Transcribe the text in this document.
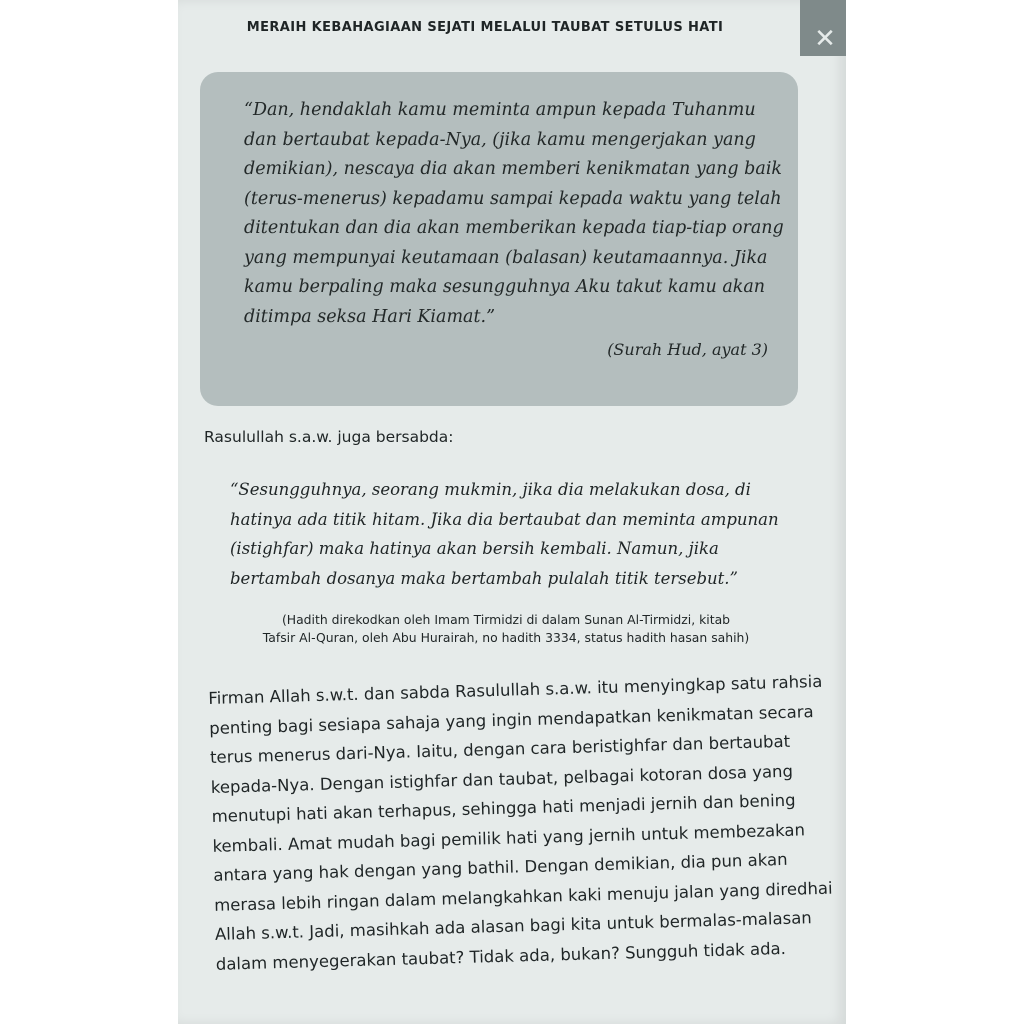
✕
MERAIH KEBAHAGIAAN SEJATI MELALUI TAUBAT SETULUS HATI
“Dan, hendaklah kamu meminta ampun kepada Tuhanmu
dan bertaubat kepada-Nya, (jika kamu mengerjakan yang
demikian), nescaya dia akan memberi kenikmatan yang baik
(terus-menerus) kepadamu sampai kepada waktu yang telah
ditentukan dan dia akan memberikan kepada tiap-tiap orang
yang mempunyai keutamaan (balasan) keutamaannya. Jika
kamu berpaling maka sesungguhnya Aku takut kamu akan
ditimpa seksa Hari Kiamat.”
(Surah Hud, ayat 3)
Rasulullah s.a.w. juga bersabda:
“Sesungguhnya, seorang mukmin, jika dia melakukan dosa, di
hatinya ada titik hitam. Jika dia bertaubat dan meminta ampunan
(istighfar) maka hatinya akan bersih kembali. Namun, jika
bertambah dosanya maka bertambah pulalah titik tersebut.”
(Hadith direkodkan oleh Imam Tirmidzi di dalam Sunan Al-Tirmidzi, kitab
Tafsir Al-Quran, oleh Abu Hurairah, no hadith 3334, status hadith hasan sahih)
Firman Allah s.w.t. dan sabda Rasulullah s.a.w. itu menyingkap satu rahsia
penting bagi sesiapa sahaja yang ingin mendapatkan kenikmatan secara
terus menerus dari-Nya. Iaitu, dengan cara beristighfar dan bertaubat
kepada-Nya. Dengan istighfar dan taubat, pelbagai kotoran dosa yang
menutupi hati akan terhapus, sehingga hati menjadi jernih dan bening
kembali. Amat mudah bagi pemilik hati yang jernih untuk membezakan
antara yang hak dengan yang bathil. Dengan demikian, dia pun akan
merasa lebih ringan dalam melangkahkan kaki menuju jalan yang diredhai
Allah s.w.t. Jadi, masihkah ada alasan bagi kita untuk bermalas-malasan
dalam menyegerakan taubat? Tidak ada, bukan? Sungguh tidak ada.
